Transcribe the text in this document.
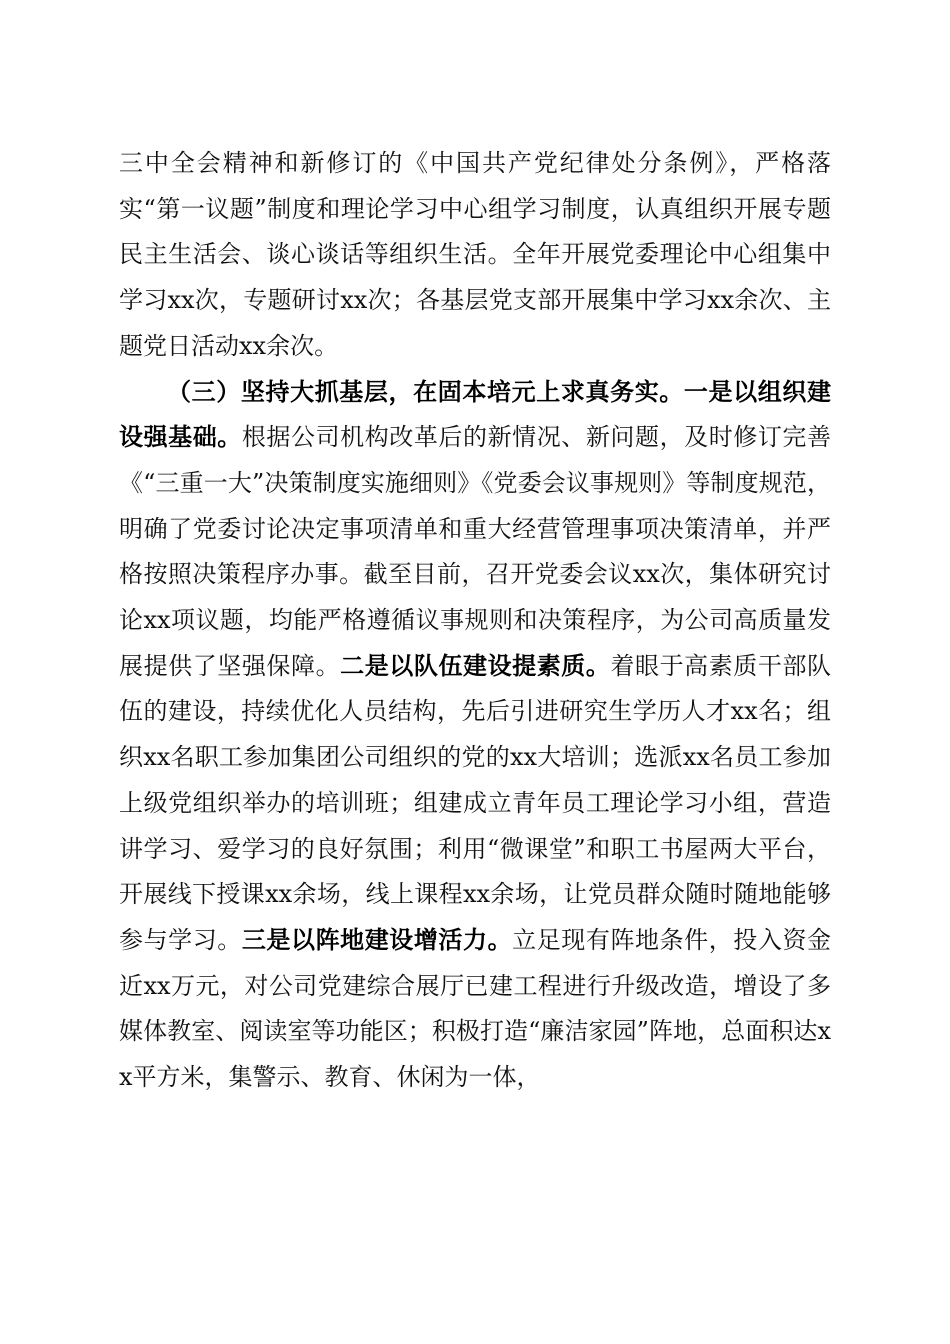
三中全会精神和新修订的《中国共产党纪律处分条例》，严格落实“第一议题”制度和理论学习中心组学习制度，认真组织开展专题民主生活会、谈心谈话等组织生活。全年开展党委理论中心组集中学习xx次，专题研讨xx次；各基层党支部开展集中学习xx余次、主题党日活动xx余次。

（三）坚持大抓基层，在固本培元上求真务实。一是以组织建设强基础。根据公司机构改革后的新情况、新问题，及时修订完善《“三重一大”决策制度实施细则》《党委会议事规则》等制度规范，明确了党委讨论决定事项清单和重大经营管理事项决策清单，并严格按照决策程序办事。截至目前，召开党委会议xx次，集体研究讨论xx项议题，均能严格遵循议事规则和决策程序，为公司高质量发展提供了坚强保障。二是以队伍建设提素质。着眼于高素质干部队伍的建设，持续优化人员结构，先后引进研究生学历人才xx名；组织xx名职工参加集团公司组织的党的xx大培训；选派xx名员工参加上级党组织举办的培训班；组建成立青年员工理论学习小组，营造讲学习、爱学习的良好氛围；利用“微课堂”和职工书屋两大平台，开展线下授课xx余场，线上课程xx余场，让党员群众随时随地能够参与学习。三是以阵地建设增活力。立足现有阵地条件，投入资金近xx万元，对公司党建综合展厅已建工程进行升级改造，增设了多媒体教室、阅读室等功能区；积极打造“廉洁家园”阵地，总面积达xx平方米，集警示、教育、休闲为一体，
